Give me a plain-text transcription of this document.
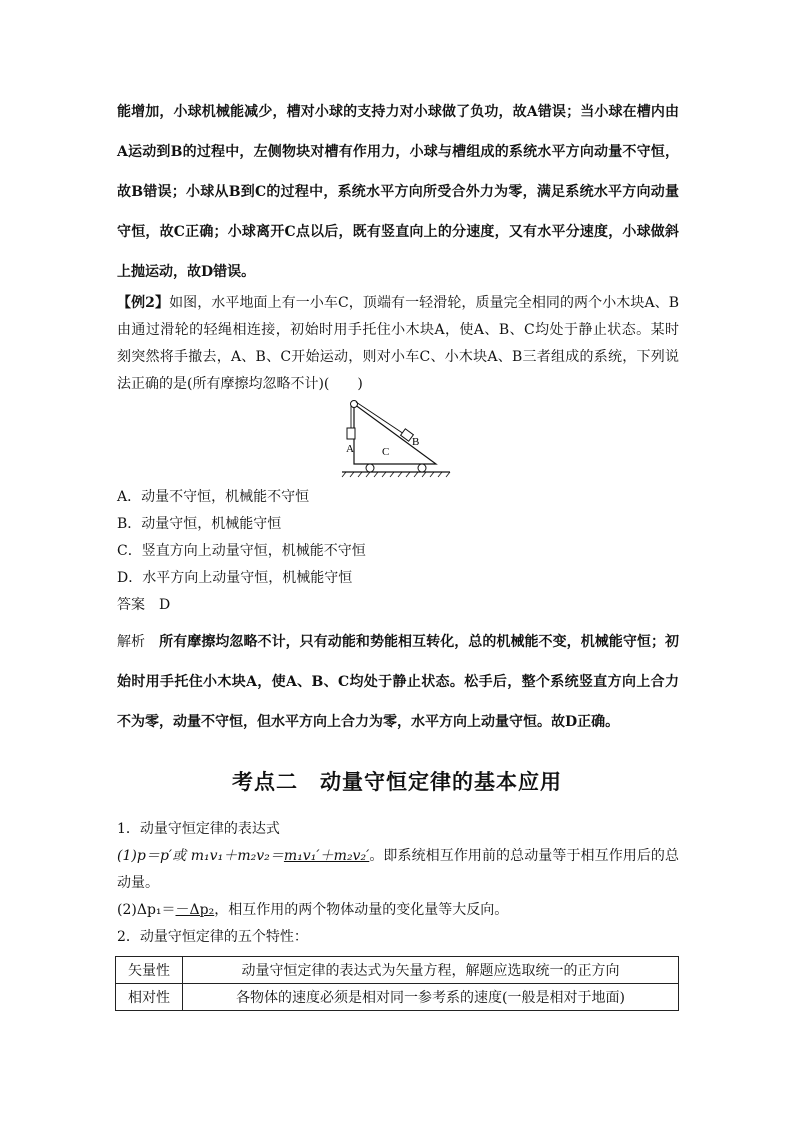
能增加，小球机械能减少，槽对小球的支持力对小球做了负功，故A错误；当小球在槽内由

A运动到B的过程中，左侧物块对槽有作用力，小球与槽组成的系统水平方向动量不守恒，

故B错误；小球从B到C的过程中，系统水平方向所受合外力为零，满足系统水平方向动量

守恒，故C正确；小球离开C点以后，既有竖直向上的分速度，又有水平分速度，小球做斜

上抛运动，故D错误。

【例2】如图，水平地面上有一小车C，顶端有一轻滑轮，质量完全相同的两个小木块A、B
由通过滑轮的轻绳相连接，初始时用手托住小木块A，使A、B、C均处于静止状态。某时
刻突然将手撤去，A、B、C开始运动，则对小车C、小木块A、B三者组成的系统，下列说
法正确的是(所有摩擦均忽略不计)(　　)
A
B
C

A．动量不守恒，机械能不守恒

B．动量守恒，机械能守恒

C．竖直方向上动量守恒，机械能不守恒

D．水平方向上动量守恒，机械能守恒

答案　 D

解析　 所有摩擦均忽略不计，只有动能和势能相互转化，总的机械能不变，机械能守恒；初

始时用手托住小木块A，使A、B、C均处于静止状态。松手后，整个系统竖直方向上合力

不为零，动量不守恒，但水平方向上合力为零，水平方向上动量守恒。故D正确。

考点二　动量守恒定律的基本应用

1．动量守恒定律的表达式

(1)p＝p′或 m₁v₁＋m₂v₂＝m₁v₁′＋m₂v₂′。即系统相互作用前的总动量等于相互作用后的总
动量。

(2)Δp₁＝－Δp₂，相互作用的两个物体动量的变化量等大反向。

2．动量守恒定律的五个特性：

矢量性	动量守恒定律的表达式为矢量方程，解题应选取统一的正方向
相对性	各物体的速度必须是相对同一参考系的速度(一般是相对于地面)
